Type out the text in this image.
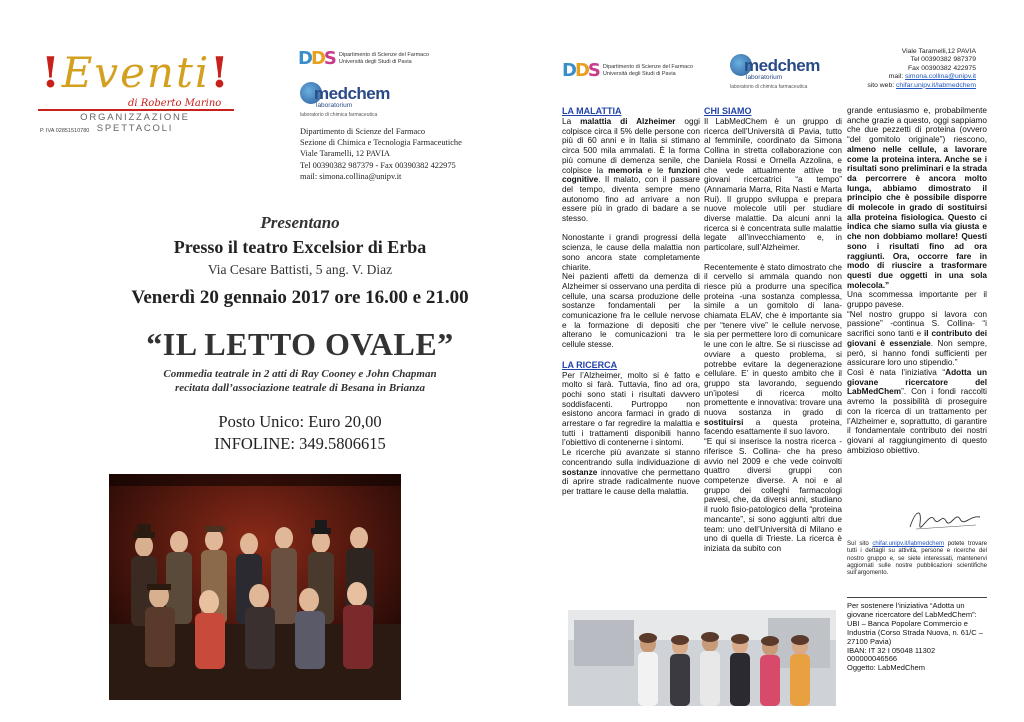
!Eventi!
di Roberto Marino
ORGANIZZAZIONE SPETTACOLI
P. IVA 02851510780
DDS Dipartimento di Scienze del Farmaco
Università degli Studi di Pavia
medchem
laboratorium
laboratorio di chimica farmaceutica
Dipartimento di Scienze del Farmaco
Sezione di Chimica e Tecnologia Farmaceutiche
Viale Taramelli, 12 PAVIA
Tel 00390382 987379 - Fax 00390382 422975
mail: simona.collina@unipv.it
Presentano
Presso il teatro Excelsior di Erba
Via Cesare Battisti, 5 ang. V. Diaz
Venerdì 20 gennaio 2017 ore 16.00 e 21.00
“IL LETTO OVALE”
Commedia teatrale in 2 atti di Ray Cooney e John Chapman
recitata dall’associazione teatrale di Besana in Brianza
Posto Unico: Euro 20,00
INFOLINE: 349.5806615
DDS Dipartimento di Scienze del Farmaco
Università degli Studi di Pavia	medchem
laboratorium
laboratorio di chimica farmaceutica
Viale Taramelli,12 PAVIA
Tel 00390382 987379
Fax 00390382 422975
mail: simona.collina@unipv.it
sito web: chifar.unipv.it/labmedchem
LA MALATTIA

La malattia di Alzheimer oggi colpisce circa il 5% delle persone con più di 60 anni e in Italia si stimano circa 500 mila ammalati. È la forma più comune di demenza senile, che colpisce la memoria e le funzioni cognitive. Il malato, con il passare del tempo, diventa sempre meno autonomo fino ad arrivare a non essere più in grado di badare a se stesso.

Nonostante i grandi progressi della scienza, le cause della malattia non sono ancora state completamente chiarite.

Nei pazienti affetti da demenza di Alzheimer si osservano una perdita di cellule, una scarsa produzione delle sostanze fondamentali per la comunicazione fra le cellule nervose e la formazione di depositi che alterano le comunicazioni tra le cellule stesse.

LA RICERCA

Per l’Alzheimer, molto si è fatto e molto si farà. Tuttavia, fino ad ora, pochi sono stati i risultati davvero soddisfacenti. Purtroppo non esistono ancora farmaci in grado di arrestare o far regredire la malattia e tutti i trattamenti disponibili hanno l’obiettivo di contenerne i sintomi.

Le ricerche più avanzate si stanno concentrando sulla individuazione di sostanze innovative che permettano di aprire strade radicalmente nuove per trattare le cause della malattia.

CHI SIAMO

Il LabMedChem è un gruppo di ricerca dell’Università di Pavia, tutto al femminile, coordinato da Simona Collina in stretta collaborazione con Daniela Rossi e Ornella Azzolina, e che vede attualmente attive tre giovani ricercatrici “a tempo” (Annamaria Marra, Rita Nasti e Marta Rui). Il gruppo sviluppa e prepara nuove molecole utili per studiare diverse malattie. Da alcuni anni la ricerca si è concentrata sulle malattie legate all’invecchiamento e, in particolare, sull’Alzheimer.

Recentemente è stato dimostrato che il cervello si ammala quando non riesce più a produrre una specifica proteina -una sostanza complessa, simile a un gomitolo di lana- chiamata ELAV, che è importante sia per “tenere vive” le cellule nervose, sia per permettere loro di comunicare le une con le altre. Se si riuscisse ad ovviare a questo problema, si potrebbe evitare la degenerazione cellulare. E’ in questo ambito che il gruppo sta lavorando, seguendo un’ipotesi di ricerca molto promettente e innovativa: trovare una nuova sostanza in grado di sostituirsi a questa proteina, facendo esattamente il suo lavoro.

“E qui si inserisce la nostra ricerca -riferisce S. Collina- che ha preso avvio nel 2009 e che vede coinvolti quattro diversi gruppi con competenze diverse. A noi e al gruppo dei colleghi farmacologi pavesi, che, da diversi anni, studiano il ruolo fisio-patologico della “proteina mancante”, si sono aggiunti altri due team: uno dell’Università di Milano e uno di quella di Trieste. La ricerca è iniziata da subito con

grande entusiasmo e, probabilmente anche grazie a questo, oggi sappiamo che due pezzetti di proteina (ovvero “del gomitolo originale”) riescono, almeno nelle cellule, a lavorare come la proteina intera. Anche se i risultati sono preliminari e la strada da percorrere è ancora molto lunga, abbiamo dimostrato il principio che è possibile disporre di molecole in grado di sostituirsi alla proteina fisiologica. Questo ci indica che siamo sulla via giusta e che non dobbiamo mollare! Questi sono i risultati fino ad ora raggiunti. Ora, occorre fare in modo di riuscire a trasformare questi due oggetti in una sola molecola.”

Una scommessa importante per il gruppo pavese.

“Nel nostro gruppo si lavora con passione” -continua S. Collina- “i sacrifici sono tanti e il contributo dei giovani è essenziale. Non sempre, però, si hanno fondi sufficienti per assicurare loro uno stipendio.”

Così è nata l’iniziativa “Adotta un giovane ricercatore del LabMedChem”. Con i fondi raccolti avremo la possibilità di proseguire con la ricerca di un trattamento per l’Alzheimer e, soprattutto, di garantire il fondamentale contributo dei nostri giovani al raggiungimento di questo ambizioso obiettivo.

Sul sito chifar.unipv.it/labmedchem potete trovare tutti i dettagli su attività, persone e ricerche del nostro gruppo e, se siete interessati, mantenervi aggiornati sulle nostre pubblicazioni scientifiche sull’argomento.
Per sostenere l’iniziativa “Adotta un giovane ricercatore del LabMedChem”:
UBI – Banca Popolare Commercio e Industria (Corso Strada Nuova, n. 61/C – 27100 Pavia)
IBAN: IT 32 I 05048 11302 000000046566
Oggetto: LabMedChem
